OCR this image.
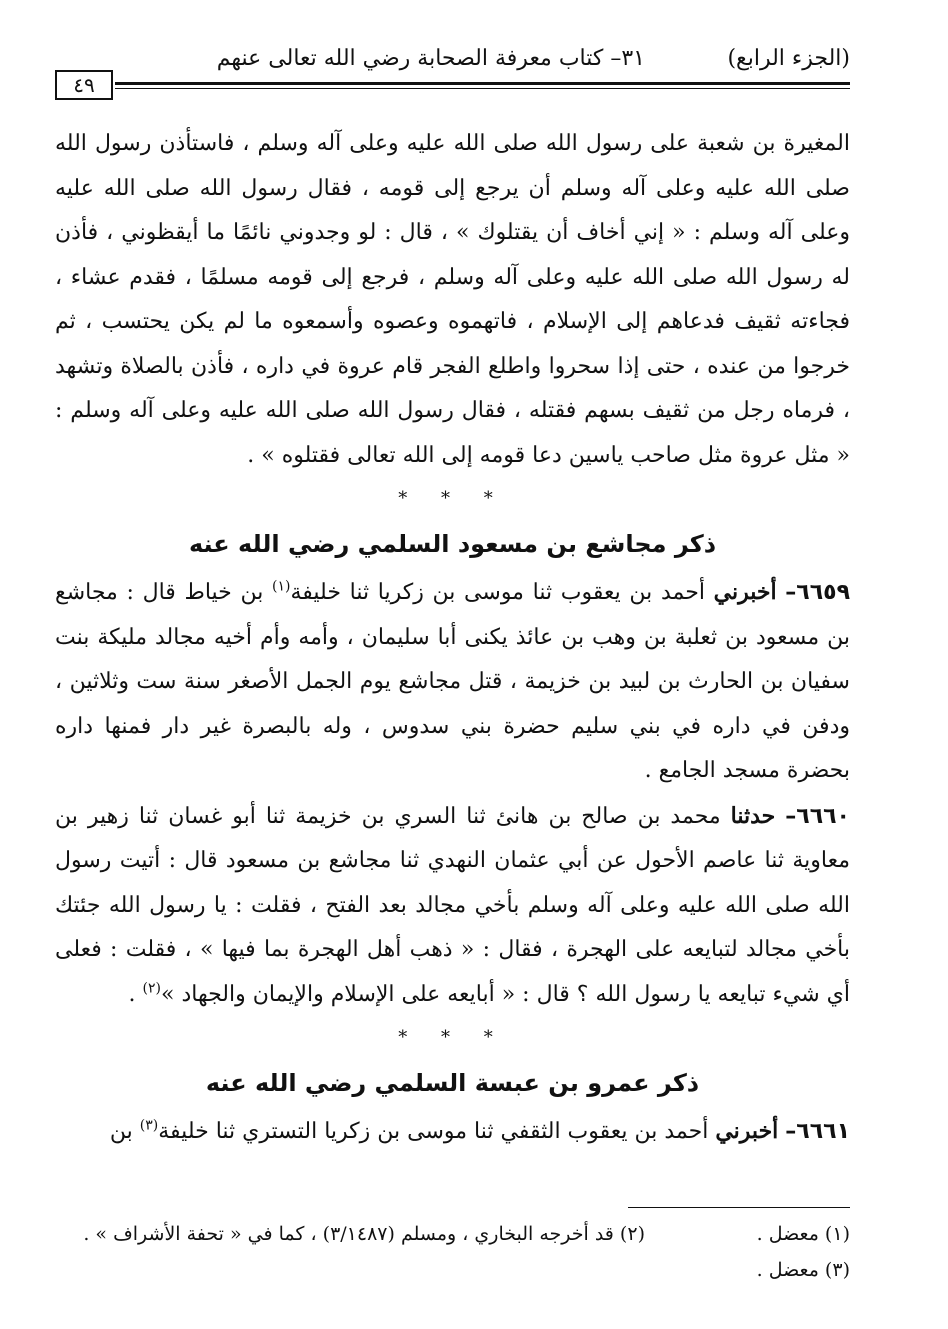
(الجزء الرابع)
٣١– كتاب معرفة الصحابة رضي الله تعالى عنهم
٤٩

المغيرة بن شعبة على رسول الله صلى الله عليه وعلى آله وسلم ، فاستأذن رسول الله صلى الله عليه وعلى آله وسلم أن يرجع إلى قومه ، فقال رسول الله صلى الله عليه وعلى آله وسلم : « إني أخاف أن يقتلوك » ، قال : لو وجدوني نائمًا ما أيقظوني ، فأذن له رسول الله صلى الله عليه وعلى آله وسلم ، فرجع إلى قومه مسلمًا ، فقدم عشاء ، فجاءته ثقيف فدعاهم إلى الإسلام ، فاتهموه وعصوه وأسمعوه ما لم يكن يحتسب ، ثم خرجوا من عنده ، حتى إذا سحروا واطلع الفجر قام عروة في داره ، فأذن بالصلاة وتشهد ، فرماه رجل من ثقيف بسهم فقتله ، فقال رسول الله صلى الله عليه وعلى آله وسلم : « مثل عروة مثل صاحب ياسين دعا قومه إلى الله تعالى فقتلوه » .

* * *
ذكر مجاشع بن مسعود السلمي رضي الله عنه

٦٦٥٩– أخبرني أحمد بن يعقوب ثنا موسى بن زكريا ثنا خليفة$^{(١)}$ بن خياط قال : مجاشع بن مسعود بن ثعلبة بن وهب بن عائذ يكنى أبا سليمان ، وأمه وأم أخيه مجالد مليكة بنت سفيان بن الحارث بن لبيد بن خزيمة ، قتل مجاشع يوم الجمل الأصغر سنة ست وثلاثين ، ودفن في داره في بني سليم حضرة بني سدوس ، وله بالبصرة غير دار فمنها داره بحضرة مسجد الجامع .

٦٦٦٠– حدثنا محمد بن صالح بن هانئ ثنا السري بن خزيمة ثنا أبو غسان ثنا زهير بن معاوية ثنا عاصم الأحول عن أبي عثمان النهدي ثنا مجاشع بن مسعود قال : أتيت رسول الله صلى الله عليه وعلى آله وسلم بأخي مجالد بعد الفتح ، فقلت : يا رسول الله جئتك بأخي مجالد لتبايعه على الهجرة ، فقال : « ذهب أهل الهجرة بما فيها » ، فقلت : فعلى أي شيء تبايعه يا رسول الله ؟ قال : « أبايعه على الإسلام والإيمان والجهاد »$^{(٢)}$ .

* * *
ذكر عمرو بن عبسة السلمي رضي الله عنه

٦٦٦١– أخبرني أحمد بن يعقوب الثقفي ثنا موسى بن زكريا التستري ثنا خليفة$^{(٣)}$ بن

(١) معضل .
(٢) قد أخرجه البخاري ، ومسلم (٣/١٤٨٧) ، كما في « تحفة الأشراف » .
(٣) معضل .
